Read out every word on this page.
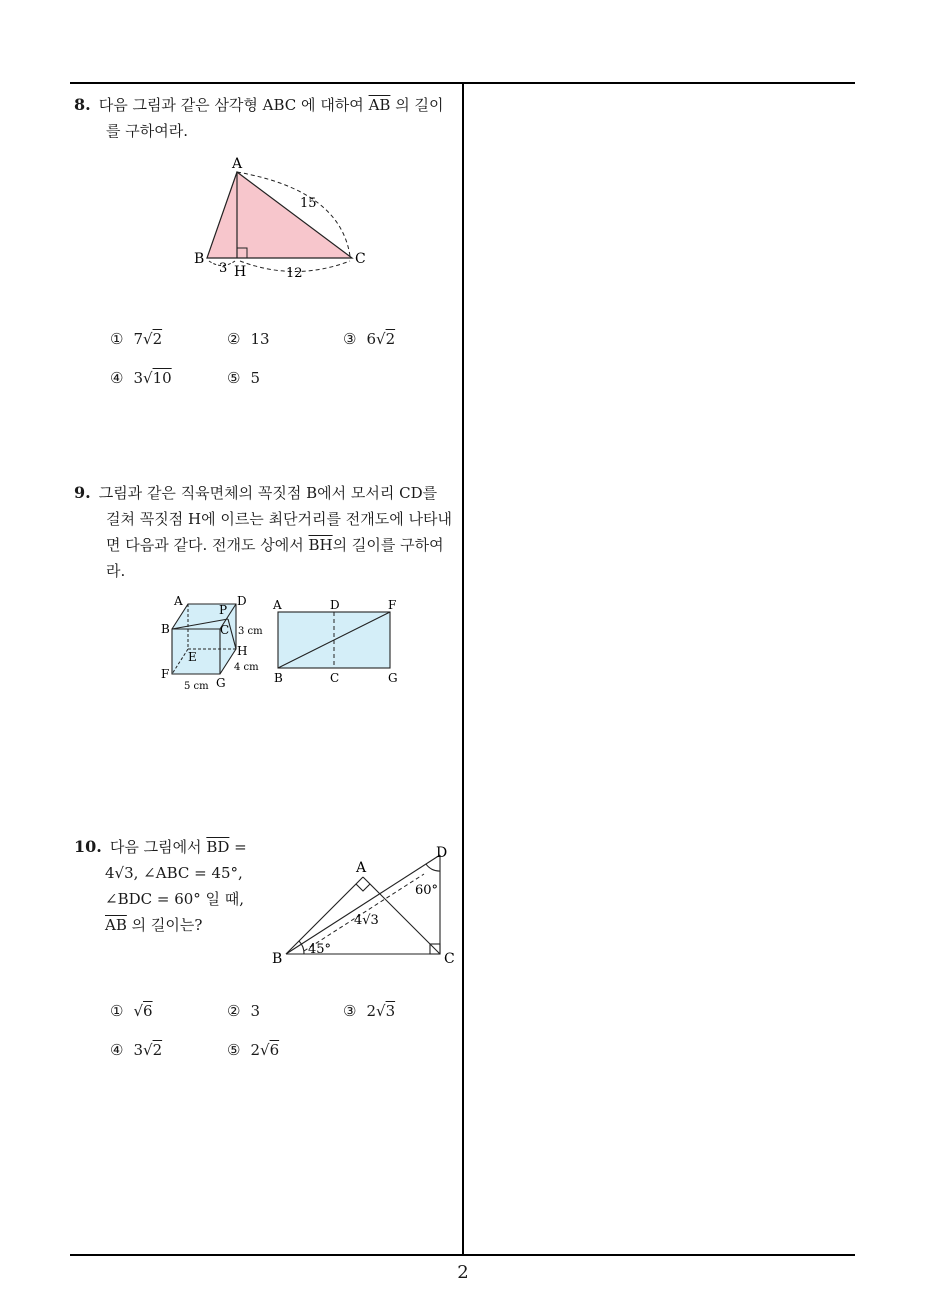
8. 다음 그림과 같은 삼각형 ABC 에 대하여 $\overline{AB}$ 의 길이
를 구하여라.
A
B	C
H
15
3	12
① 7√2	② 13	③ 6√2
④ 3√10	⑤ 5
9. 그림과 같은 직육면체의 꼭짓점 B에서 모서리 CD를
걸쳐 꼭짓점 H에 이르는 최단거리를 전개도에 나타내
면 다음과 같다. 전개도 상에서 $\overline{BH}$의 길이를 구하여
라.
A	D
B
P
C
E	H
F
G
3 cm
4 cm
5 cm
A	D	F
B	C	G
10. 다음 그림에서 $\overline{BD}$ =
4√3, ∠ABC = 45°,
∠BDC = 60° 일 때,
$\overline{AB}$ 의 길이는?
A
B	C
D
45°
60°
4√3
① √6	② 3	③ 2√3
④ 3√2	⑤ 2√6
2
